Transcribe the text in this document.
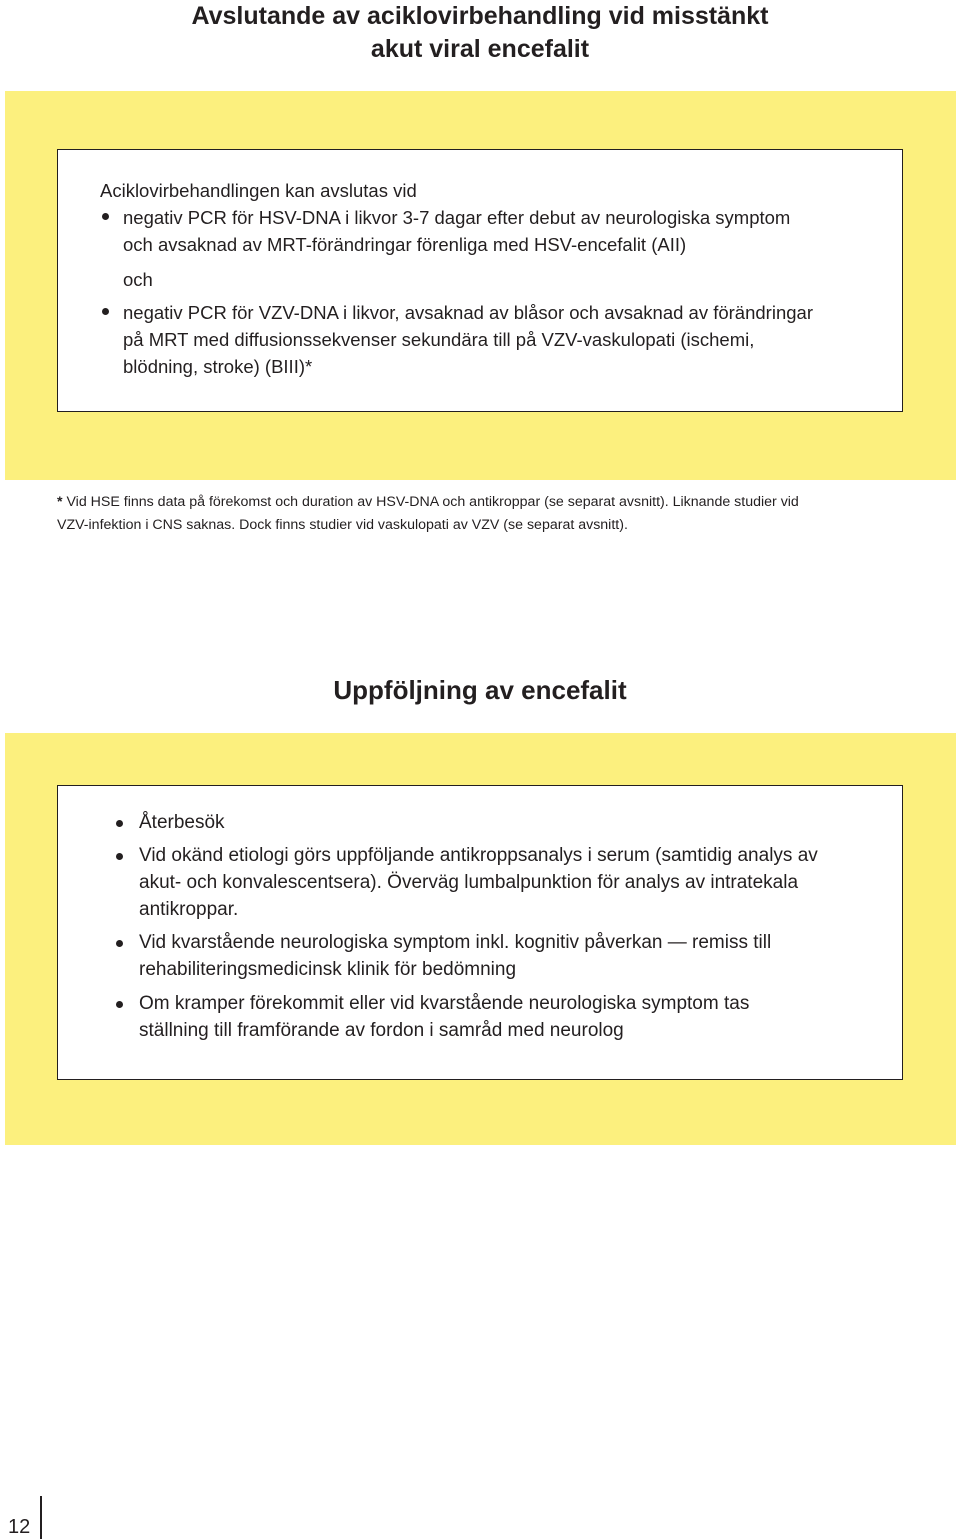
Avslutande av aciklovirbehandling vid misstänkt
akut viral encefalit
Aciklovirbehandlingen kan avslutas vid
negativ PCR för HSV-DNA i likvor 3-7 dagar efter debut av neurologiska symptom
och avsaknad av MRT-förändringar förenliga med HSV-encefalit (AII)
och
negativ PCR för VZV-DNA i likvor, avsaknad av blåsor och avsaknad av förändringar
på MRT med diffusionssekvenser sekundära till på VZV-vaskulopati (ischemi,
blödning, stroke) (BIII)*
* Vid HSE finns data på förekomst och duration av HSV-DNA och antikroppar (se separat avsnitt). Liknande studier vid
VZV-infektion i CNS saknas. Dock finns studier vid vaskulopati av VZV (se separat avsnitt).
Uppföljning av encefalit
Återbesök
Vid okänd etiologi görs uppföljande antikroppsanalys i serum (samtidig analys av
akut- och konvalescentsera). Överväg lumbalpunktion för analys av intratekala
antikroppar.
Vid kvarstående neurologiska symptom inkl. kognitiv påverkan — remiss till
rehabiliteringsmedicinsk klinik för bedömning
Om kramper förekommit eller vid kvarstående neurologiska symptom tas
ställning till framförande av fordon i samråd med neurolog
12
